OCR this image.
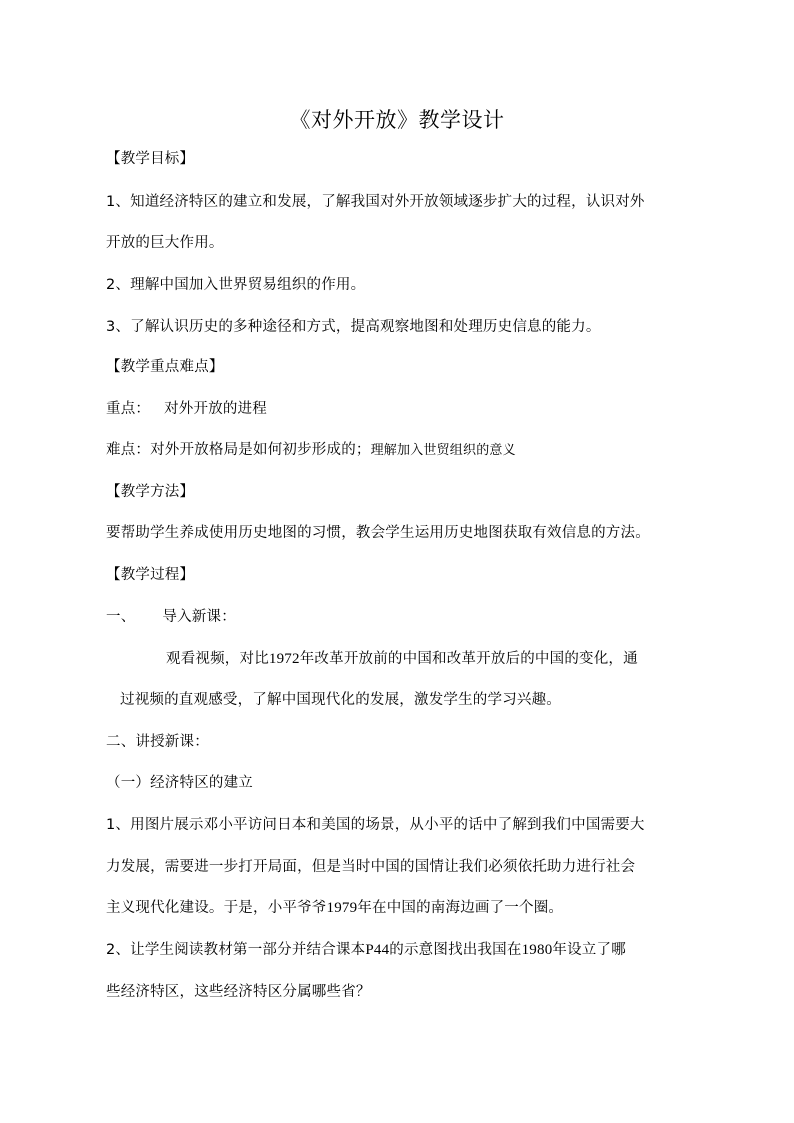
《对外开放》教学设计
【教学目标】
1、知道经济特区的建立和发展，了解我国对外开放领域逐步扩大的过程，认识对外
开放的巨大作用。
2、理解中国加入世界贸易组织的作用。
3、了解认识历史的多种途径和方式，提高观察地图和处理历史信息的能力。
【教学重点难点】
重点： 对外开放的进程
难点：对外开放格局是如何初步形成的；理解加入世贸组织的意义
【教学方法】
要帮助学生养成使用历史地图的习惯，教会学生运用历史地图获取有效信息的方法。
【教学过程】
一、 导入新课：
观看视频，对比1972年改革开放前的中国和改革开放后的中国的变化，通
过视频的直观感受，了解中国现代化的发展，激发学生的学习兴趣。
二、讲授新课：
（一）经济特区的建立
1、用图片展示邓小平访问日本和美国的场景，从小平的话中了解到我们中国需要大
力发展，需要进一步打开局面，但是当时中国的国情让我们必须依托助力进行社会
主义现代化建设。于是，小平爷爷1979年在中国的南海边画了一个圈。
2、让学生阅读教材第一部分并结合课本P44的示意图找出我国在1980年设立了哪
些经济特区，这些经济特区分属哪些省？
